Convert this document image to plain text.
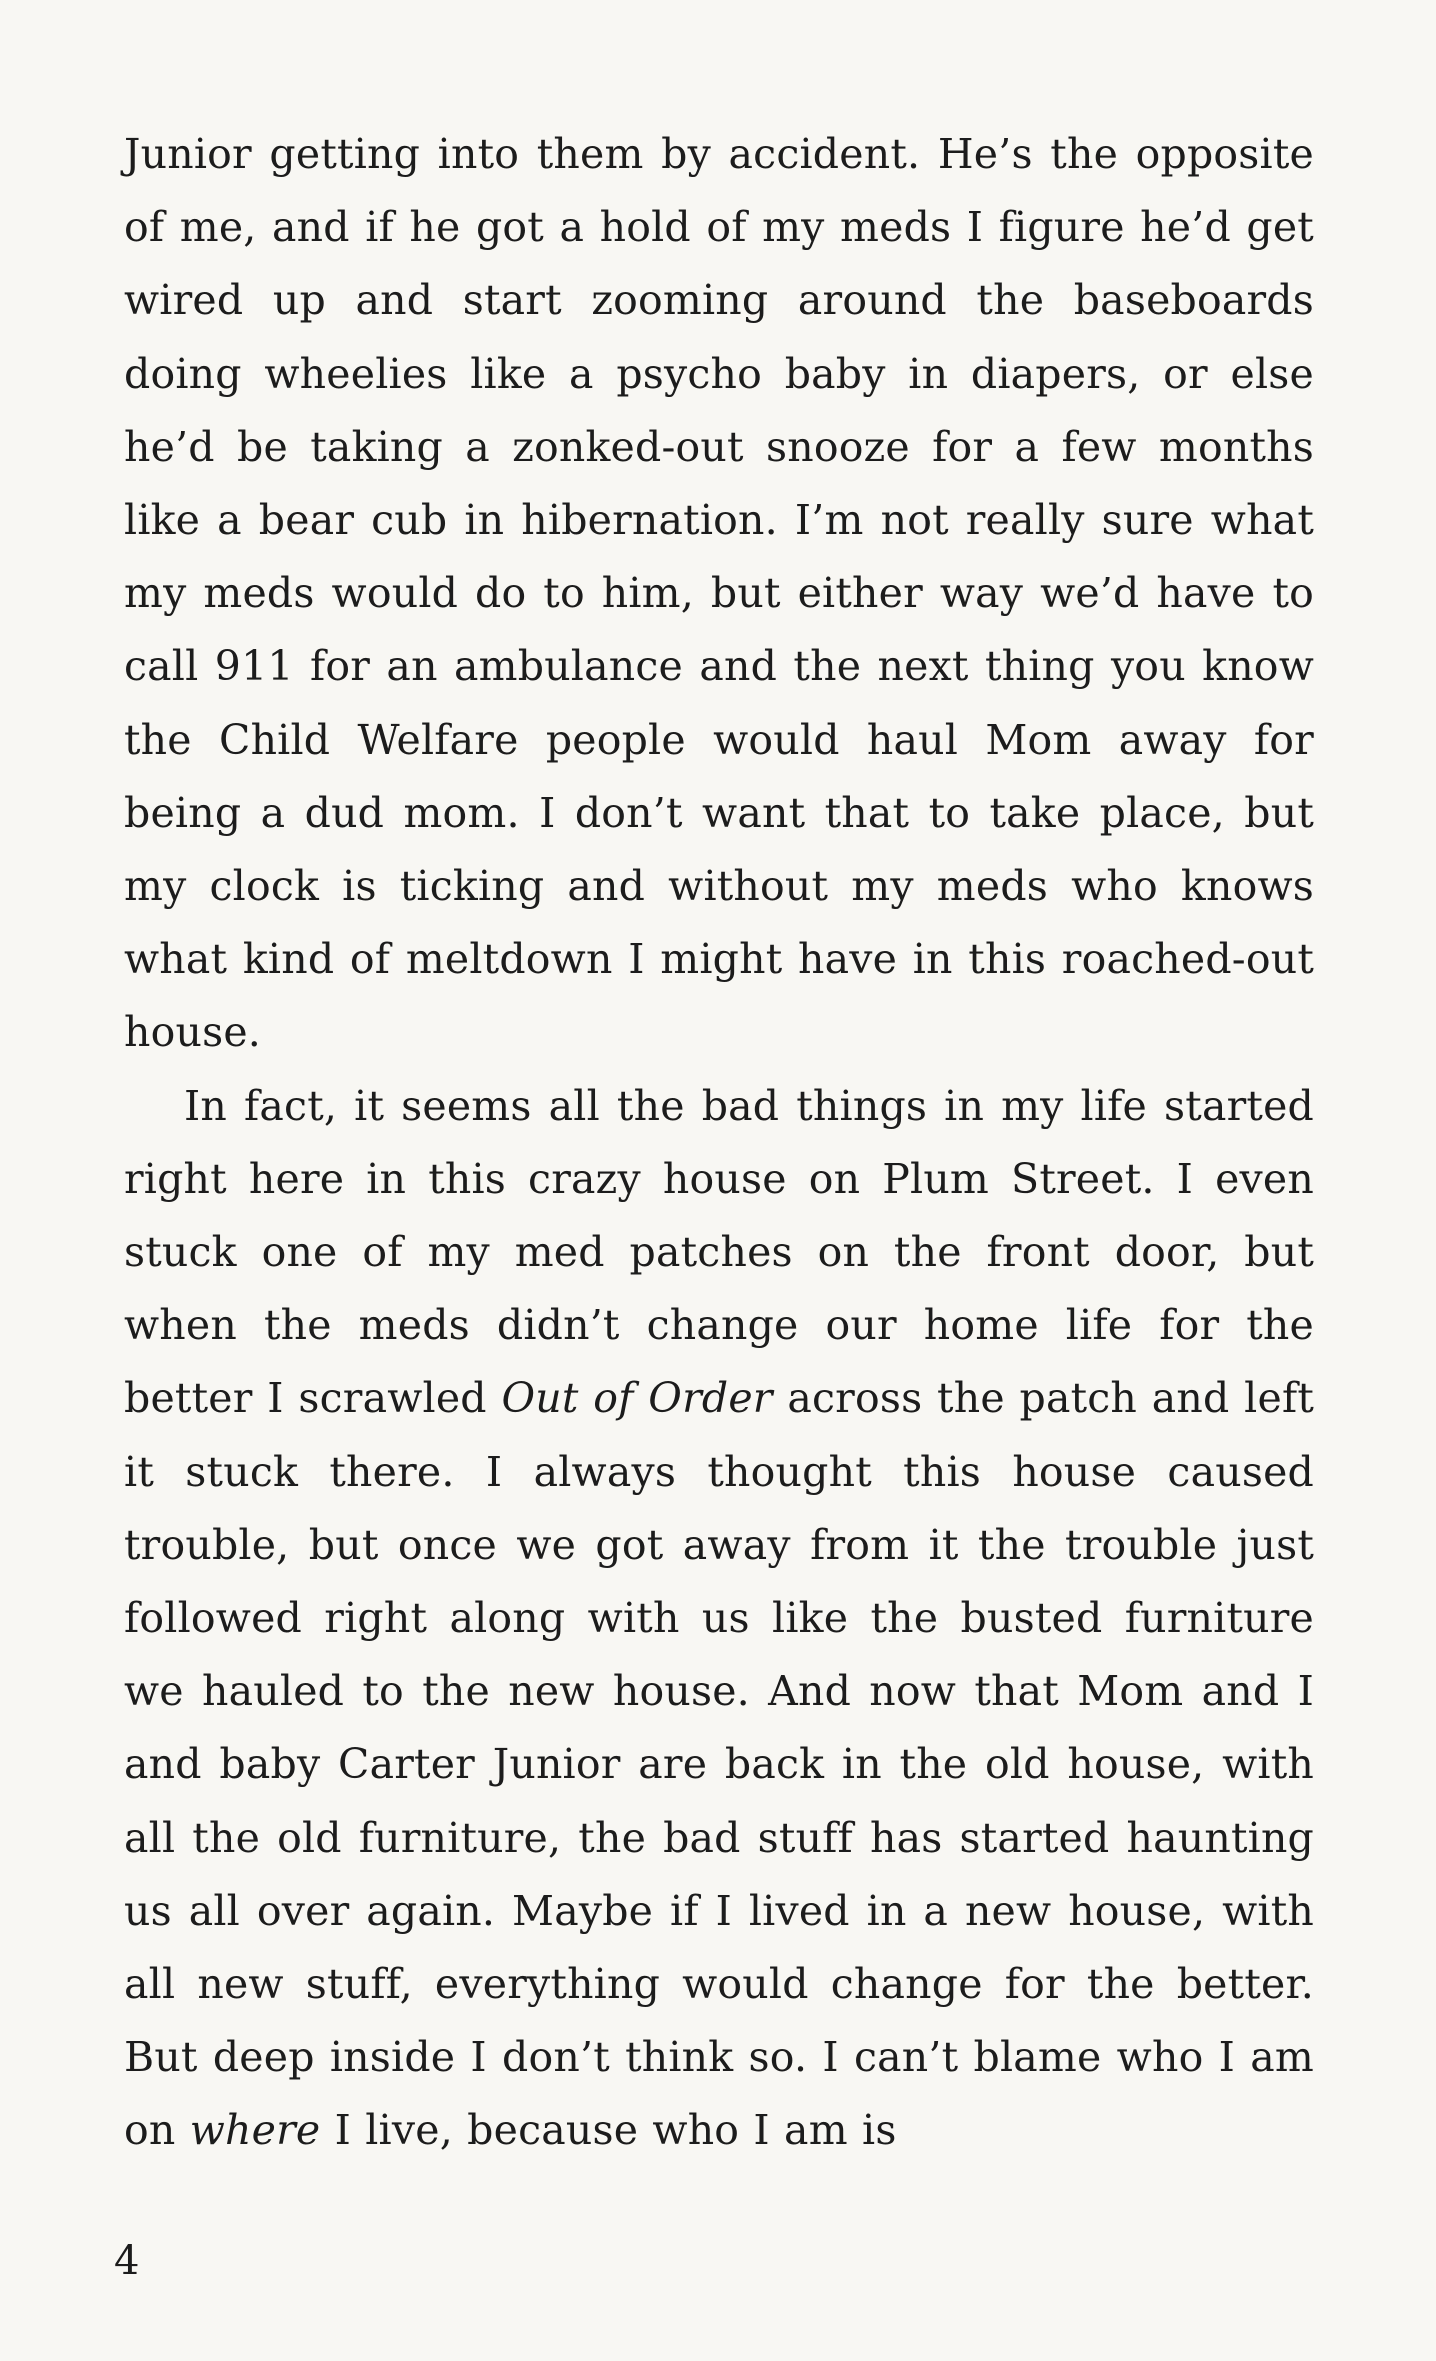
Junior getting into them by accident. He’s the opposite of me, and if he got a hold of my meds I figure he’d get wired up and start zooming around the baseboards doing wheelies like a psycho baby in diapers, or else he’d be taking a zonked-out snooze for a few months like a bear cub in hibernation. I’m not really sure what my meds would do to him, but either way we’d have to call 911 for an ambulance and the next thing you know the Child Welfare people would haul Mom away for being a dud mom. I don’t want that to take place, but my clock is ticking and without my meds who knows what kind of meltdown I might have in this roached-out house.

In fact, it seems all the bad things in my life started right here in this crazy house on Plum Street. I even stuck one of my med patches on the front door, but when the meds didn’t change our home life for the better I scrawled Out of Order across the patch and left it stuck there. I always thought this house caused trouble, but once we got away from it the trouble just followed right along with us like the busted furniture we hauled to the new house. And now that Mom and I and baby Carter Junior are back in the old house, with all the old furniture, the bad stuff has started haunting us all over again. Maybe if I lived in a new house, with all new stuff, everything would change for the better. But deep inside I don’t think so. I can’t blame who I am on where I live, because who I am is

4
